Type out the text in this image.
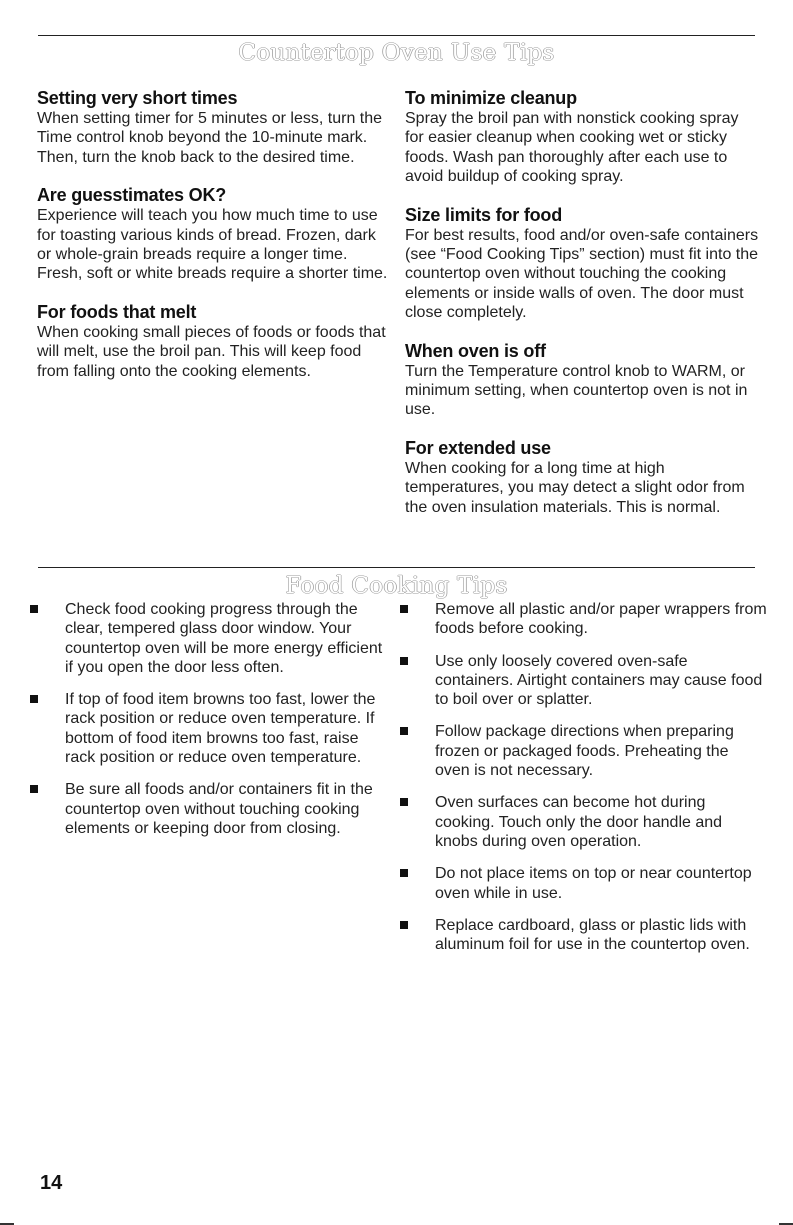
Countertop Oven Use Tips
Setting very short times

When setting timer for 5 minutes or less, turn the Time control knob beyond the 10-minute mark. Then, turn the knob back to the desired time.

Are guesstimates OK?

Experience will teach you how much time to use for toasting various kinds of bread. Frozen, dark or whole-grain breads require a longer time. Fresh, soft or white breads require a shorter time.

For foods that melt

When cooking small pieces of foods or foods that will melt, use the broil pan. This will keep food from falling onto the cooking elements.

To minimize cleanup

Spray the broil pan with nonstick cooking spray for easier cleanup when cooking wet or sticky foods. Wash pan thoroughly after each use to avoid buildup of cooking spray.

Size limits for food

For best results, food and/or oven-safe containers (see “Food Cooking Tips” section) must fit into the countertop oven without touching the cooking elements or inside walls of oven. The door must close completely.

When oven is off

Turn the Temperature control knob to WARM, or minimum setting, when countertop oven is not in use.

For extended use

When cooking for a long time at high temperatures, you may detect a slight odor from the oven insulation materials. This is normal.

Food Cooking Tips
Check food cooking progress through the clear, tempered glass door window. Your countertop oven will be more energy efficient if you open the door less often.
If top of food item browns too fast, lower the rack position or reduce oven temperature. If bottom of food item browns too fast, raise rack position or reduce oven temperature.
Be sure all foods and/or containers fit in the countertop oven without touching cooking elements or keeping door from closing.
Remove all plastic and/or paper wrappers from foods before cooking.
Use only loosely covered oven-safe containers. Airtight containers may cause food to boil over or splatter.
Follow package directions when preparing frozen or packaged foods. Preheating the oven is not necessary.
Oven surfaces can become hot during cooking. Touch only the door handle and knobs during oven operation.
Do not place items on top or near countertop oven while in use.
Replace cardboard, glass or plastic lids with aluminum foil for use in the countertop oven.
14
